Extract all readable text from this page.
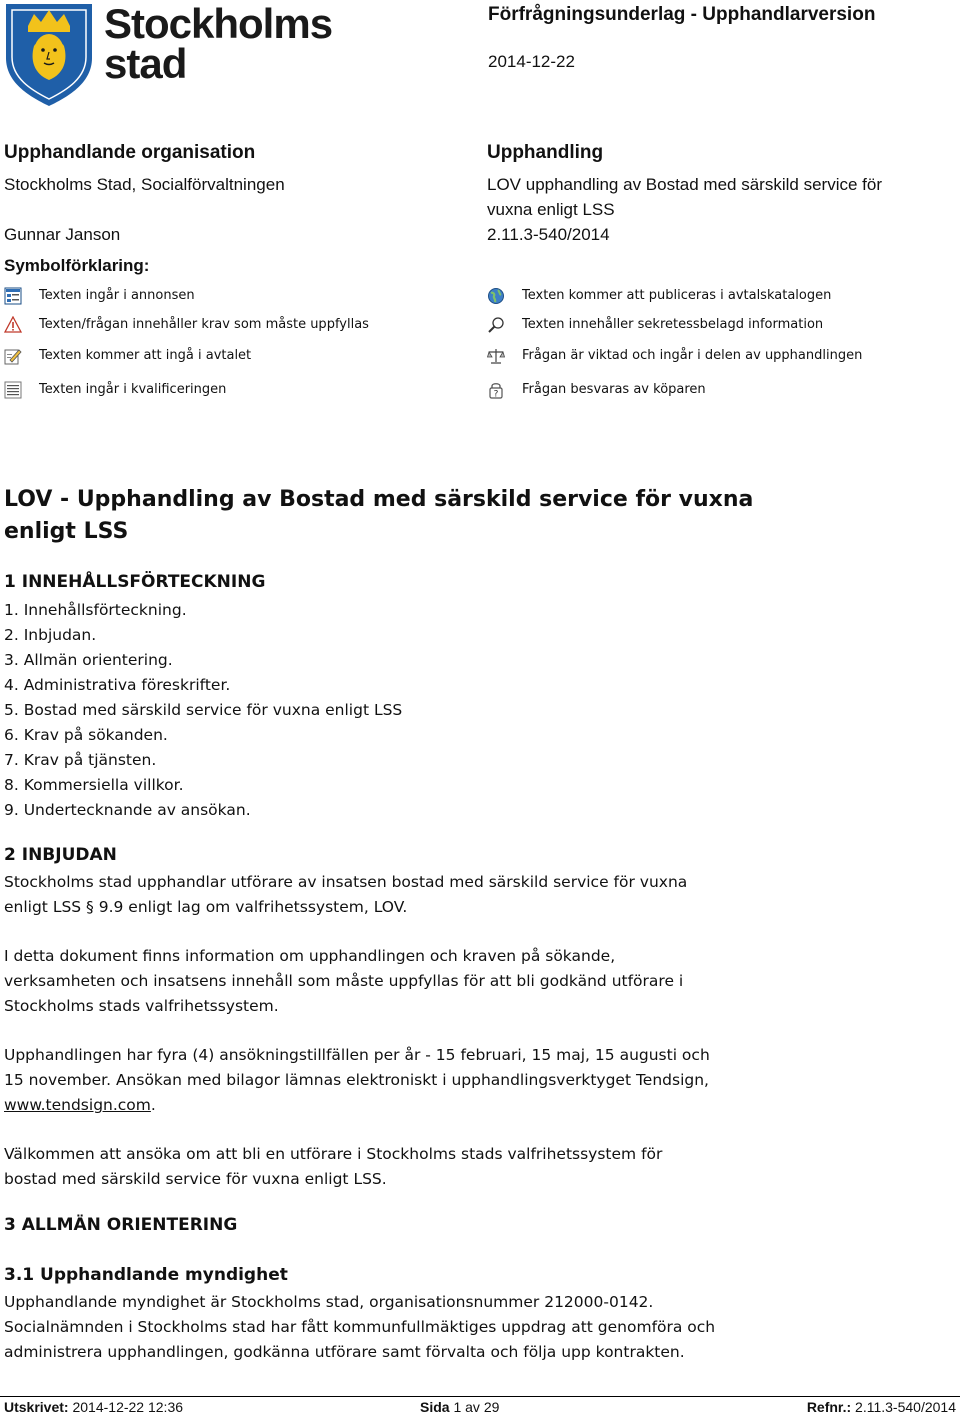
Stockholms
stad
Förfrågningsunderlag - Upphandlarversion
2014-12-22
Upphandlande organisation
Stockholms Stad, Socialförvaltningen
Gunnar Janson
Upphandling
LOV upphandling av Bostad med särskild service för vuxna enligt LSS
2.11.3-540/2014
Symbolförklaring:
Texten ingår i annonsen
Texten/frågan innehåller krav som måste uppfyllas
Texten kommer att ingå i avtalet
Texten ingår i kvalificeringen
Texten kommer att publiceras i avtalskatalogen
Texten innehåller sekretessbelagd information
Frågan är viktad och ingår i delen av upphandlingen
? Frågan besvaras av köparen
LOV - Upphandling av Bostad med särskild service för vuxna
enligt LSS
1 INNEHÅLLSFÖRTECKNING
1. Innehållsförteckning.
2. Inbjudan.
3. Allmän orientering.
4. Administrativa föreskrifter.
5. Bostad med särskild service för vuxna enligt LSS
6. Krav på sökanden.
7. Krav på tjänsten.
8. Kommersiella villkor.
9. Undertecknande av ansökan.
2 INBJUDAN
Stockholms stad upphandlar utförare av insatsen bostad med särskild service för vuxna
enligt LSS § 9.9 enligt lag om valfrihetssystem, LOV.
I detta dokument finns information om upphandlingen och kraven på sökande,
verksamheten och insatsens innehåll som måste uppfyllas för att bli godkänd utförare i
Stockholms stads valfrihetssystem.
Upphandlingen har fyra (4) ansökningstillfällen per år - 15 februari, 15 maj, 15 augusti och
15 november. Ansökan med bilagor lämnas elektroniskt i upphandlingsverktyget Tendsign,
www.tendsign.com.
Välkommen att ansöka om att bli en utförare i Stockholms stads valfrihetssystem för
bostad med särskild service för vuxna enligt LSS.
3 ALLMÄN ORIENTERING
3.1 Upphandlande myndighet
Upphandlande myndighet är Stockholms stad, organisationsnummer 212000-0142.
Socialnämnden i Stockholms stad har fått kommunfullmäktiges uppdrag att genomföra och
administrera upphandlingen, godkänna utförare samt förvalta och följa upp kontrakten.
Utskrivet: 2014-12-22 12:36	Sida 1 av 29	Refnr.: 2.11.3-540/2014
